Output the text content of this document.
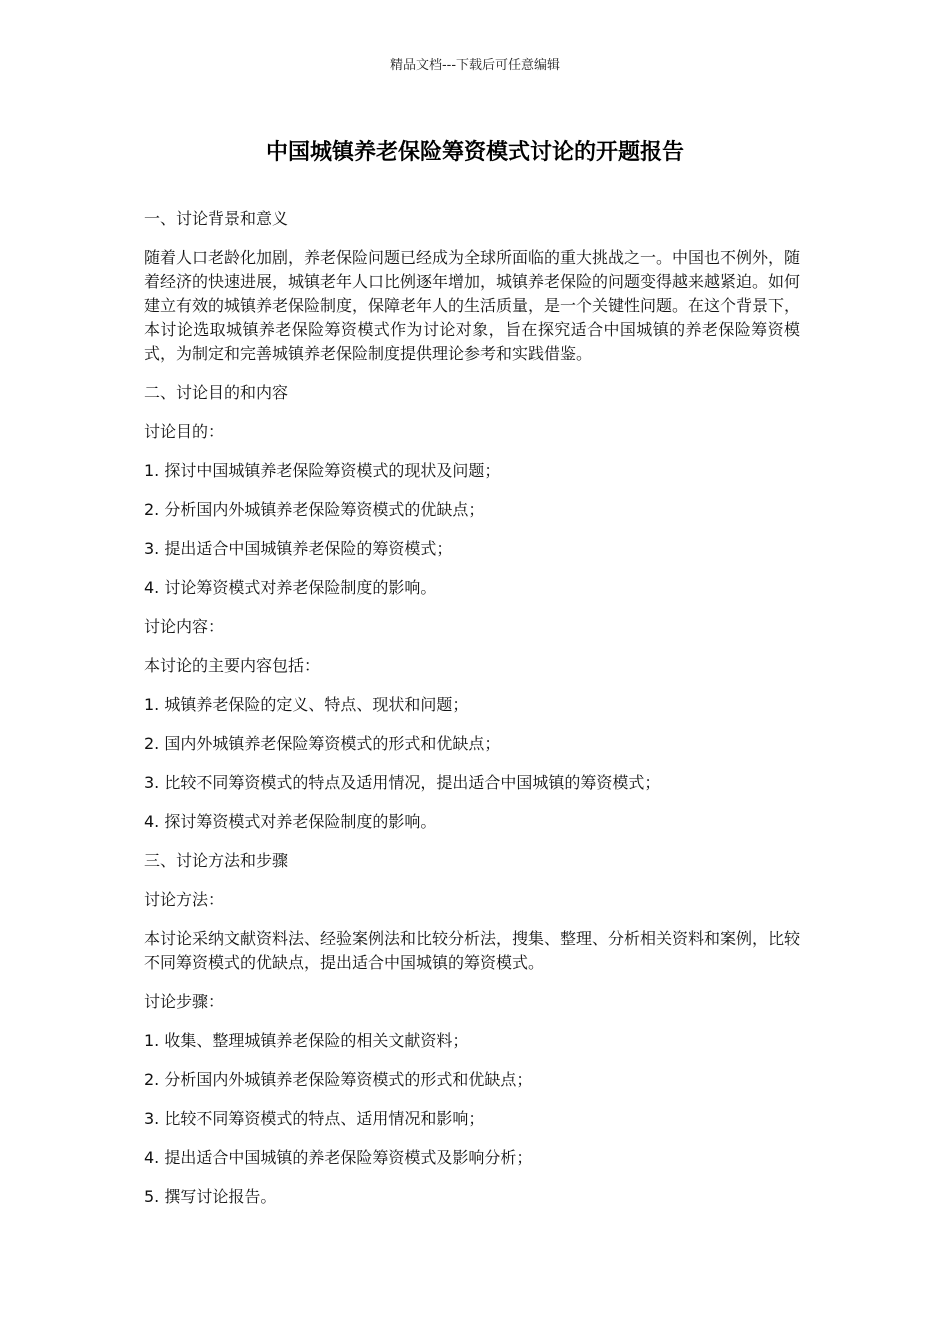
精品文档---下载后可任意编辑
中国城镇养老保险筹资模式讨论的开题报告

一、讨论背景和意义

随着人口老龄化加剧，养老保险问题已经成为全球所面临的重大挑战之一。中国也不例外，随着经济的快速进展，城镇老年人口比例逐年增加，城镇养老保险的问题变得越来越紧迫。如何建立有效的城镇养老保险制度，保障老年人的生活质量，是一个关键性问题。在这个背景下，本讨论选取城镇养老保险筹资模式作为讨论对象，旨在探究适合中国城镇的养老保险筹资模式，为制定和完善城镇养老保险制度提供理论参考和实践借鉴。

二、讨论目的和内容

讨论目的：

1. 探讨中国城镇养老保险筹资模式的现状及问题；

2. 分析国内外城镇养老保险筹资模式的优缺点；

3. 提出适合中国城镇养老保险的筹资模式；

4. 讨论筹资模式对养老保险制度的影响。

讨论内容：

本讨论的主要内容包括：

1. 城镇养老保险的定义、特点、现状和问题；

2. 国内外城镇养老保险筹资模式的形式和优缺点；

3. 比较不同筹资模式的特点及适用情况，提出适合中国城镇的筹资模式；

4. 探讨筹资模式对养老保险制度的影响。

三、讨论方法和步骤

讨论方法：

本讨论采纳文献资料法、经验案例法和比较分析法，搜集、整理、分析相关资料和案例，比较不同筹资模式的优缺点，提出适合中国城镇的筹资模式。

讨论步骤：

1. 收集、整理城镇养老保险的相关文献资料；

2. 分析国内外城镇养老保险筹资模式的形式和优缺点；

3. 比较不同筹资模式的特点、适用情况和影响；

4. 提出适合中国城镇的养老保险筹资模式及影响分析；

5. 撰写讨论报告。
